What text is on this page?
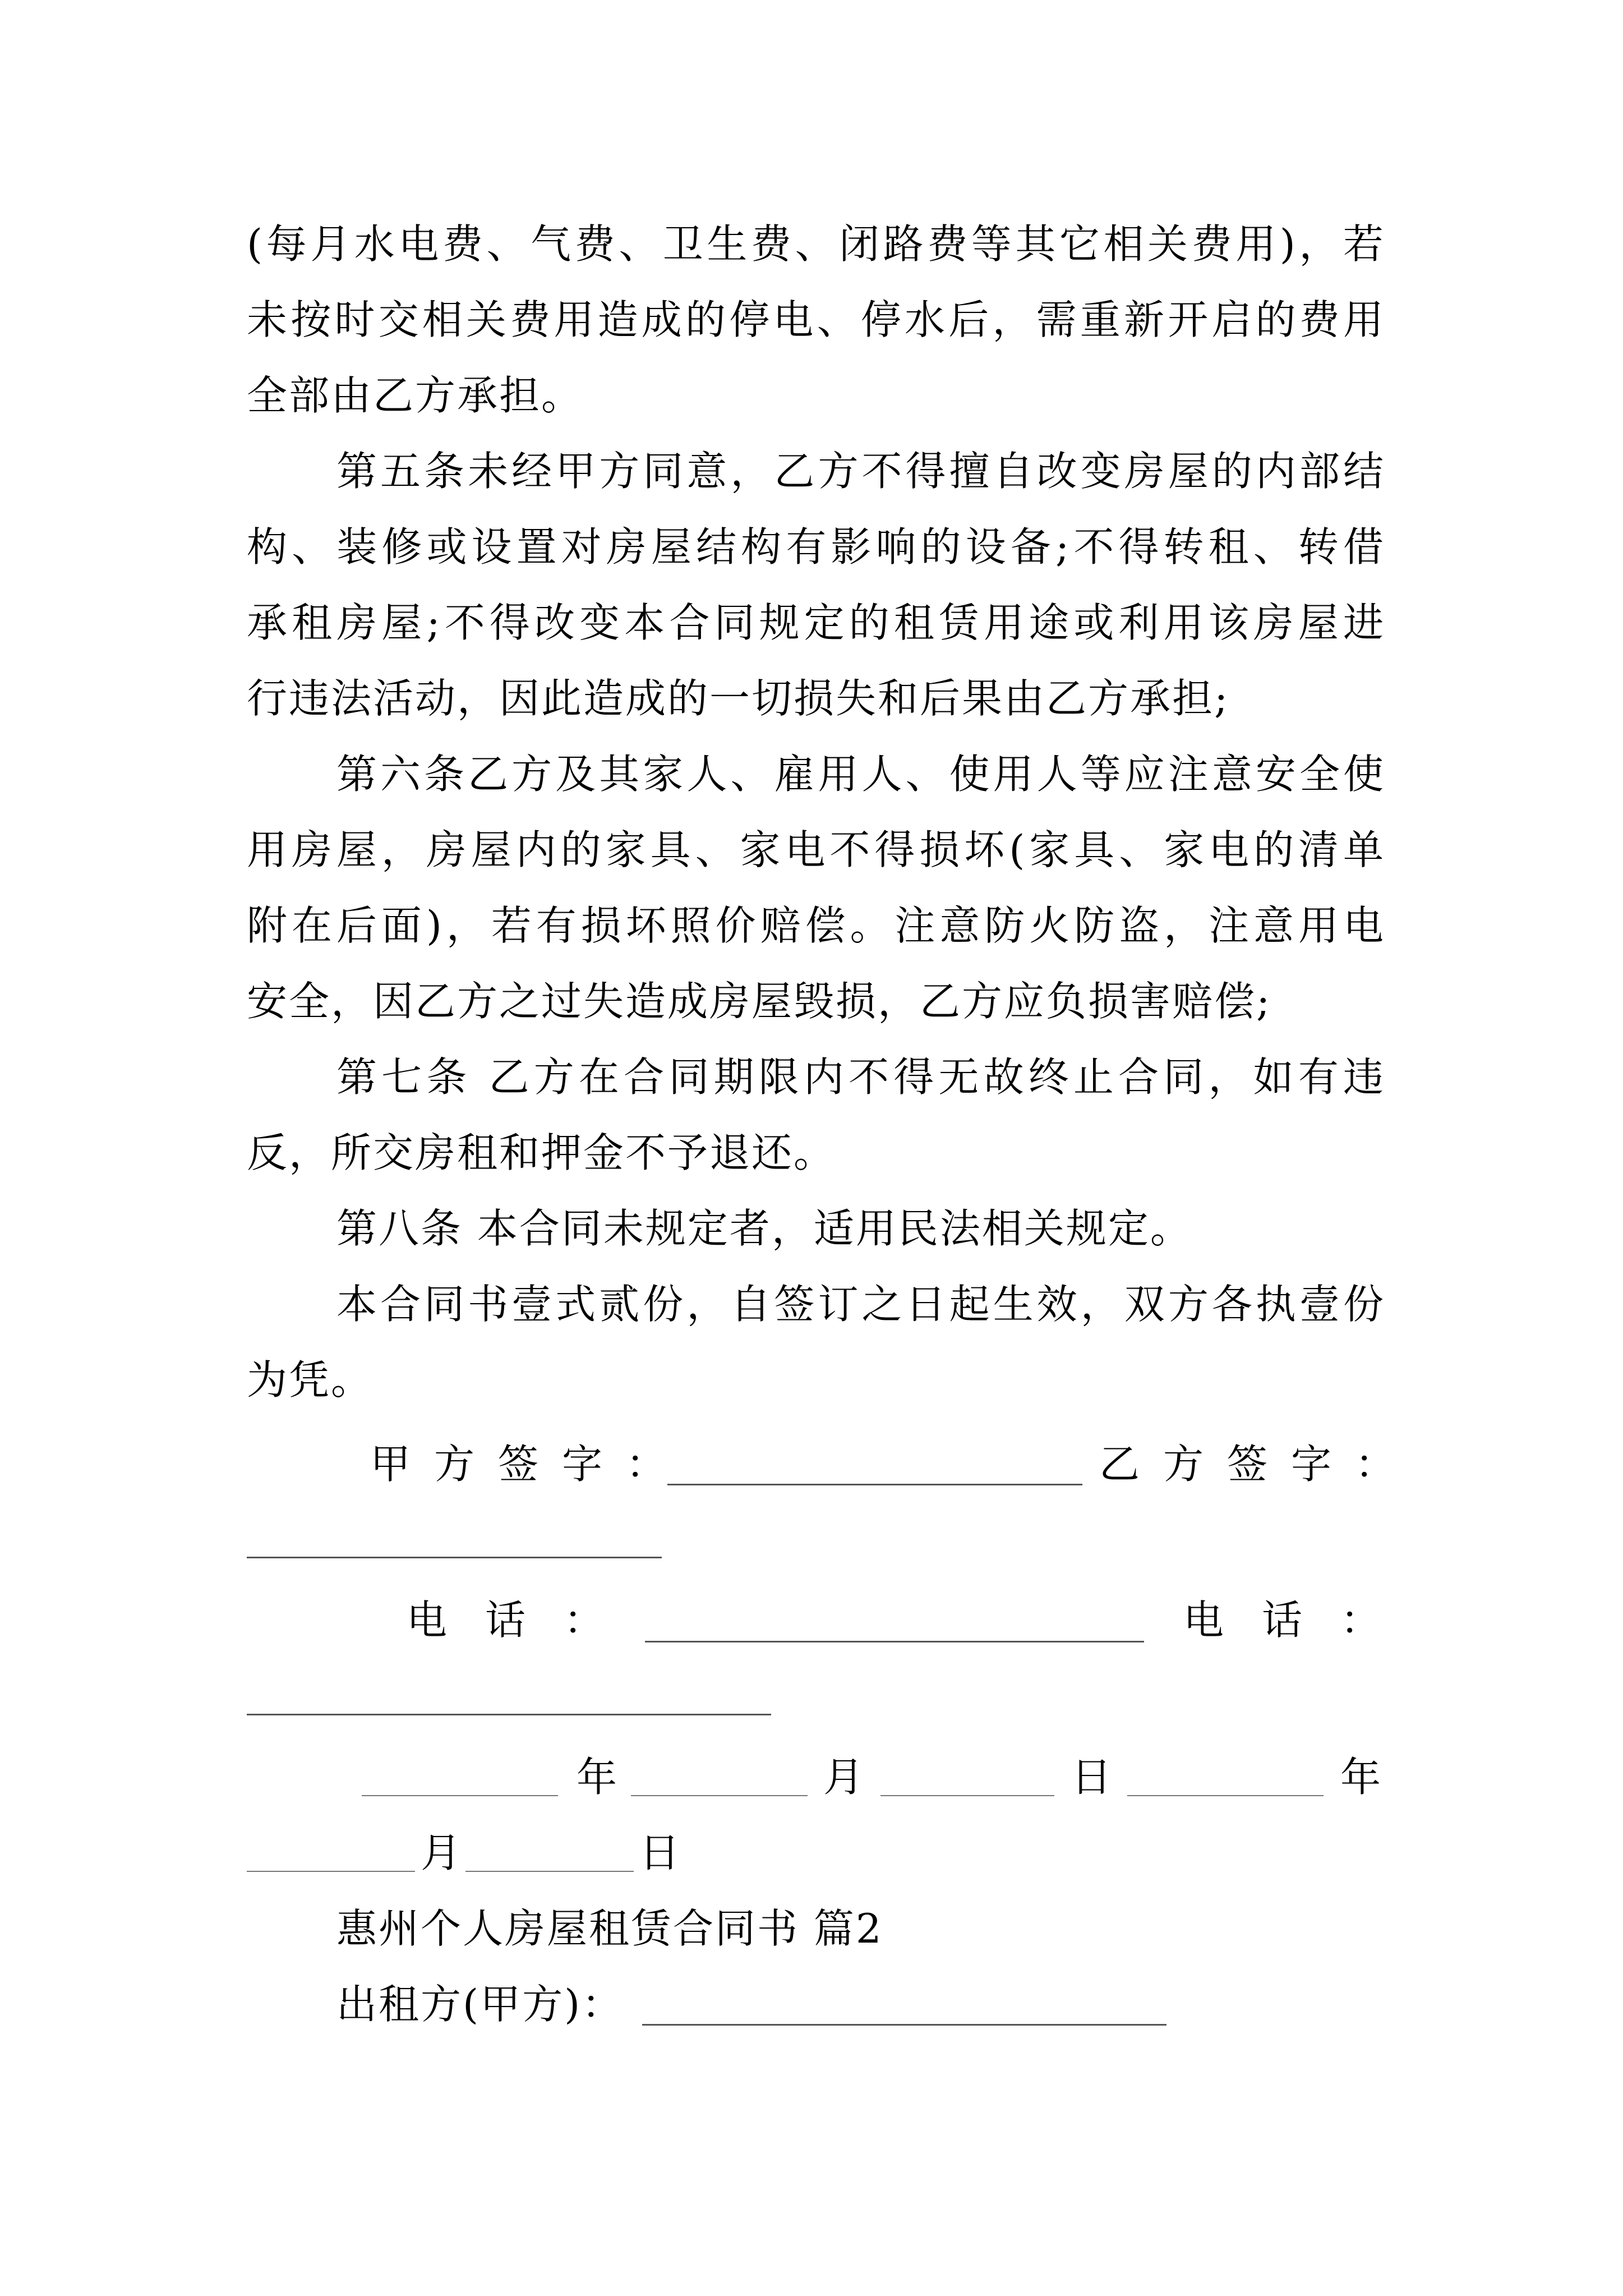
(每月水电费、气费、卫生费、闭路费等其它相关费用)，若
未按时交相关费用造成的停电、停水后，需重新开启的费用
全部由乙方承担。
第五条未经甲方同意，乙方不得擅自改变房屋的内部结
构、装修或设置对房屋结构有影响的设备;不得转租、转借
承租房屋;不得改变本合同规定的租赁用途或利用该房屋进
行违法活动，因此造成的一切损失和后果由乙方承担;
第六条乙方及其家人、雇用人、使用人等应注意安全使
用房屋，房屋内的家具、家电不得损坏(家具、家电的清单
附在后面)，若有损坏照价赔偿。注意防火防盗，注意用电
安全，因乙方之过失造成房屋毁损，乙方应负损害赔偿;
第七条 乙方在合同期限内不得无故终止合同，如有违
反，所交房租和押金不予退还。
第八条 本合同未规定者，适用民法相关规定。
本合同书壹式贰份，自签订之日起生效，双方各执壹份
为凭。
甲方签字：	乙方签字：
电话：	电话：
年	月	日	年
月	日
惠州个人房屋租赁合同书 篇2
出租方(甲方)：
